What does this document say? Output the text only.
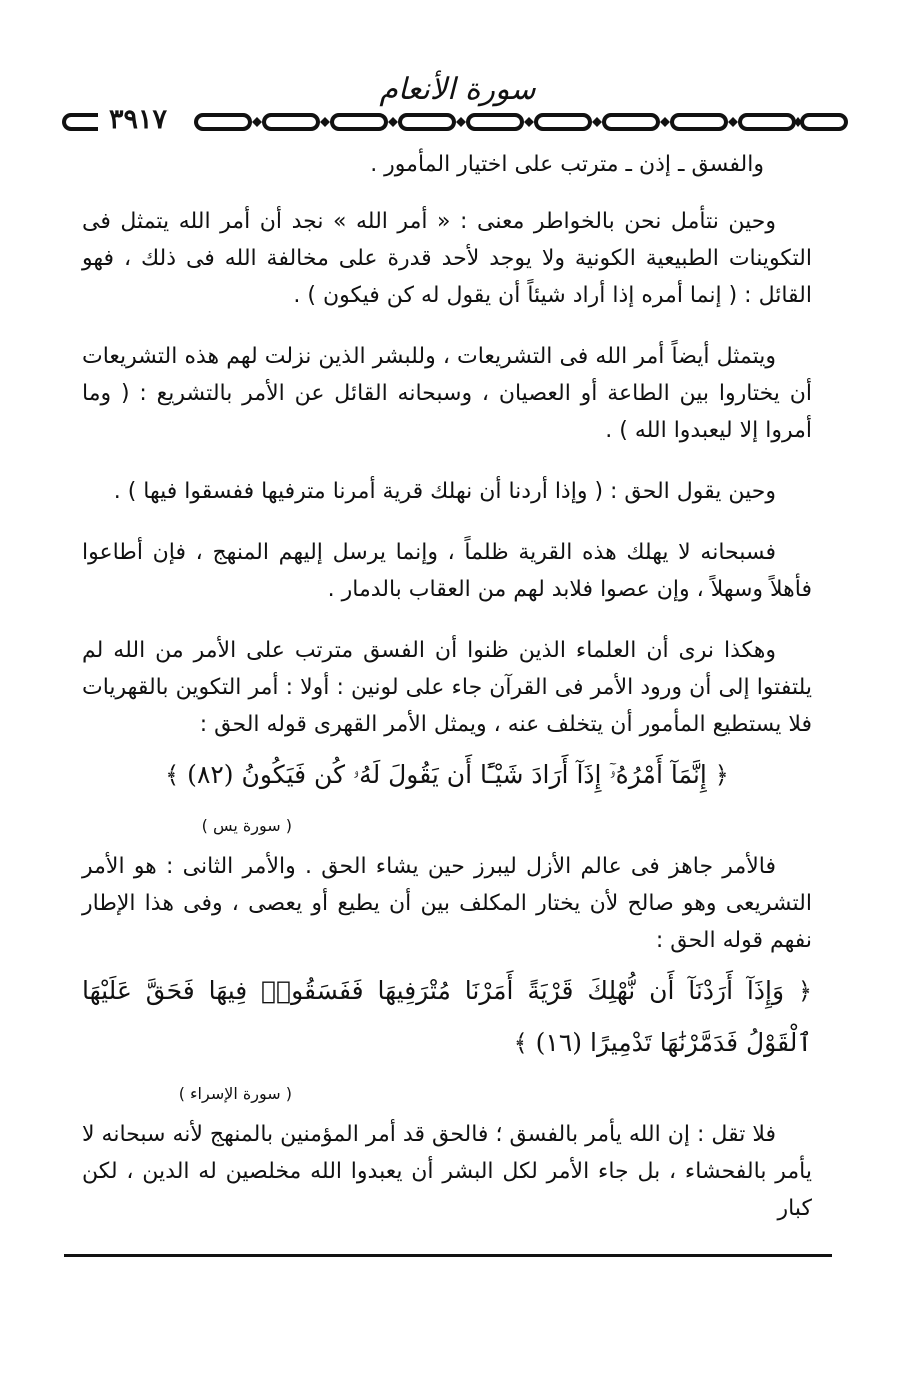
سورة الأنعام
٣٩١٧

والفسق ـ إذن ـ مترتب على اختيار المأمور .

وحين نتأمل نحن بالخواطر معنى : « أمر الله » نجد أن أمر الله يتمثل فى التكوينات الطبيعية الكونية ولا يوجد لأحد قدرة على مخالفة الله فى ذلك ، فهو القائل : ( إنما أمره إذا أراد شيئاً أن يقول له كن فيكون ) .

ويتمثل أيضاً أمر الله فى التشريعات ، وللبشر الذين نزلت لهم هذه التشريعات أن يختاروا بين الطاعة أو العصيان ، وسبحانه القائل عن الأمر بالتشريع : ( وما أمروا إلا ليعبدوا الله ) .

وحين يقول الحق : ( وإذا أردنا أن نهلك قرية أمرنا مترفيها ففسقوا فيها ) .

فسبحانه لا يهلك هذه القرية ظلماً ، وإنما يرسل إليهم المنهج ، فإن أطاعوا فأهلاً وسهلاً ، وإن عصوا فلابد لهم من العقاب بالدمار .

وهكذا نرى أن العلماء الذين ظنوا أن الفسق مترتب على الأمر من الله لم يلتفتوا إلى أن ورود الأمر فى القرآن جاء على لونين : أولا : أمر التكوين بالقهريات فلا يستطيع المأمور أن يتخلف عنه ، ويمثل الأمر القهرى قوله الحق :

﴿ إِنَّمَآ أَمْرُهُۥٓ إِذَآ أَرَادَ شَيْـًٔا أَن يَقُولَ لَهُۥ كُن فَيَكُونُ (٨٢) ﴾
( سورة يس )

فالأمر جاهز فى عالم الأزل ليبرز حين يشاء الحق . والأمر الثانى : هو الأمر التشريعى وهو صالح لأن يختار المكلف بين أن يطيع أو يعصى ، وفى هذا الإطار نفهم قوله الحق :

﴿ وَإِذَآ أَرَدْنَآ أَن نُّهْلِكَ قَرْيَةً أَمَرْنَا مُتْرَفِيهَا فَفَسَقُوا۟ فِيهَا فَحَقَّ عَلَيْهَا ٱلْقَوْلُ فَدَمَّرْنَٰهَا تَدْمِيرًا (١٦) ﴾
( سورة الإسراء )

فلا تقل : إن الله يأمر بالفسق ؛ فالحق قد أمر المؤمنين بالمنهج لأنه سبحانه لا يأمر بالفحشاء ، بل جاء الأمر لكل البشر أن يعبدوا الله مخلصين له الدين ، لكن كبار
